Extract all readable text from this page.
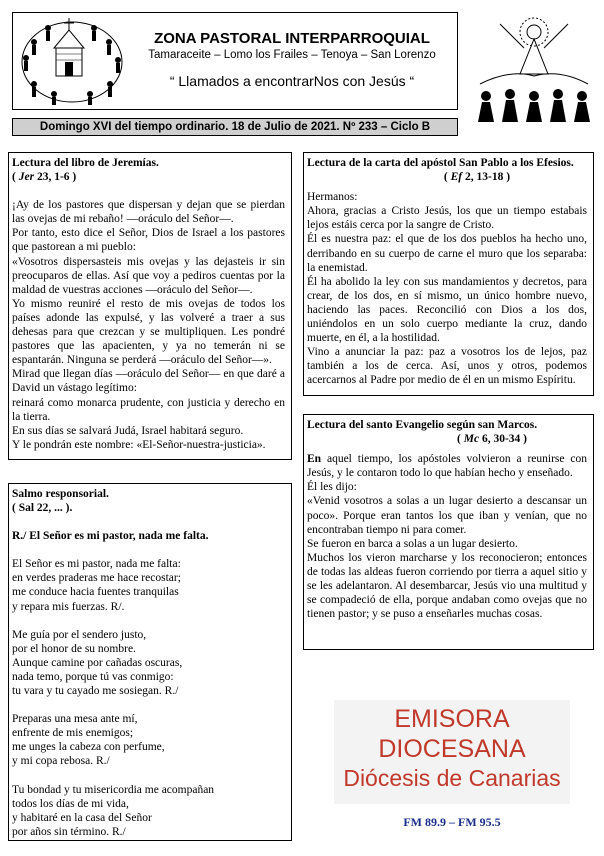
ZONA PASTORAL INTERPARROQUIAL
Tamaraceite – Lomo los Frailes – Tenoya – San Lorenzo
“ Llamados a encontrarNos con Jesús “
Domingo XVI del tiempo ordinario. 18 de Julio de 2021. Nº 233 – Ciclo B

Lectura del libro de Jeremías.

( Jer 23, 1-6 )

¡Ay de los pastores que dispersan y dejan que se pierdan las ovejas de mi rebaño! —oráculo del Señor—.

Por tanto, esto dice el Señor, Dios de Israel a los pastores que pastorean a mi pueblo:

«Vosotros dispersasteis mis ovejas y las dejasteis ir sin preocuparos de ellas. Así que voy a pediros cuentas por la maldad de vuestras acciones —oráculo del Señor—.

Yo mismo reuniré el resto de mis ovejas de todos los países adonde las expulsé, y las volveré a traer a sus dehesas para que crezcan y se multipliquen. Les pondré pastores que las apacienten, y ya no temerán ni se espantarán. Ninguna se perderá —oráculo del Señor—».

Mirad que llegan días —oráculo del Señor— en que daré a David un vástago legítimo:

reinará como monarca prudente, con justicia y derecho en la tierra.

En sus días se salvará Judá, Israel habitará seguro.

Y le pondrán este nombre: «El-Señor-nuestra-justicia».

Salmo responsorial.

( Sal 22, ... ).

R./ El Señor es mi pastor, nada me falta.

El Señor es mi pastor, nada me falta:

en verdes praderas me hace recostar;

me conduce hacia fuentes tranquilas

y repara mis fuerzas. R/.

Me guía por el sendero justo,

por el honor de su nombre.

Aunque camine por cañadas oscuras,

nada temo, porque tú vas conmigo:

tu vara y tu cayado me sosiegan. R./

Preparas una mesa ante mí,

enfrente de mis enemigos;

me unges la cabeza con perfume,

y mi copa rebosa. R./

Tu bondad y tu misericordia me acompañan

todos los días de mi vida,

y habitaré en la casa del Señor

por años sin término. R./

Lectura de la carta del apóstol San Pablo a los Efesios.

( Ef 2, 13-18 )

Hermanos:

Ahora, gracias a Cristo Jesús, los que un tiempo estabais lejos estáis cerca por la sangre de Cristo.

Él es nuestra paz: el que de los dos pueblos ha hecho uno, derribando en su cuerpo de carne el muro que los separaba: la enemistad.

Él ha abolido la ley con sus mandamientos y decretos, para crear, de los dos, en sí mismo, un único hombre nuevo, haciendo las paces. Reconcilió con Dios a los dos, uniéndolos en un solo cuerpo mediante la cruz, dando muerte, en él, a la hostilidad.

Vino a anunciar la paz: paz a vosotros los de lejos, paz también a los de cerca. Así, unos y otros, podemos acercarnos al Padre por medio de él en un mismo Espíritu.

Lectura del santo Evangelio según san Marcos.

( Mc 6, 30-34 )

En aquel tiempo, los apóstoles volvieron a reunirse con Jesús, y le contaron todo lo que habían hecho y enseñado.

Él les dijo:

«Venid vosotros a solas a un lugar desierto a descansar un poco». Porque eran tantos los que iban y venían, que no encontraban tiempo ni para comer.

Se fueron en barca a solas a un lugar desierto.

Muchos los vieron marcharse y los reconocieron; entonces de todas las aldeas fueron corriendo por tierra a aquel sitio y se les adelantaron. Al desembarcar, Jesús vio una multitud y se compadeció de ella, porque andaban como ovejas que no tienen pastor; y se puso a enseñarles muchas cosas.

EMISORA
DIOCESANA
Diócesis de Canarias
FM 89.9 – FM 95.5
